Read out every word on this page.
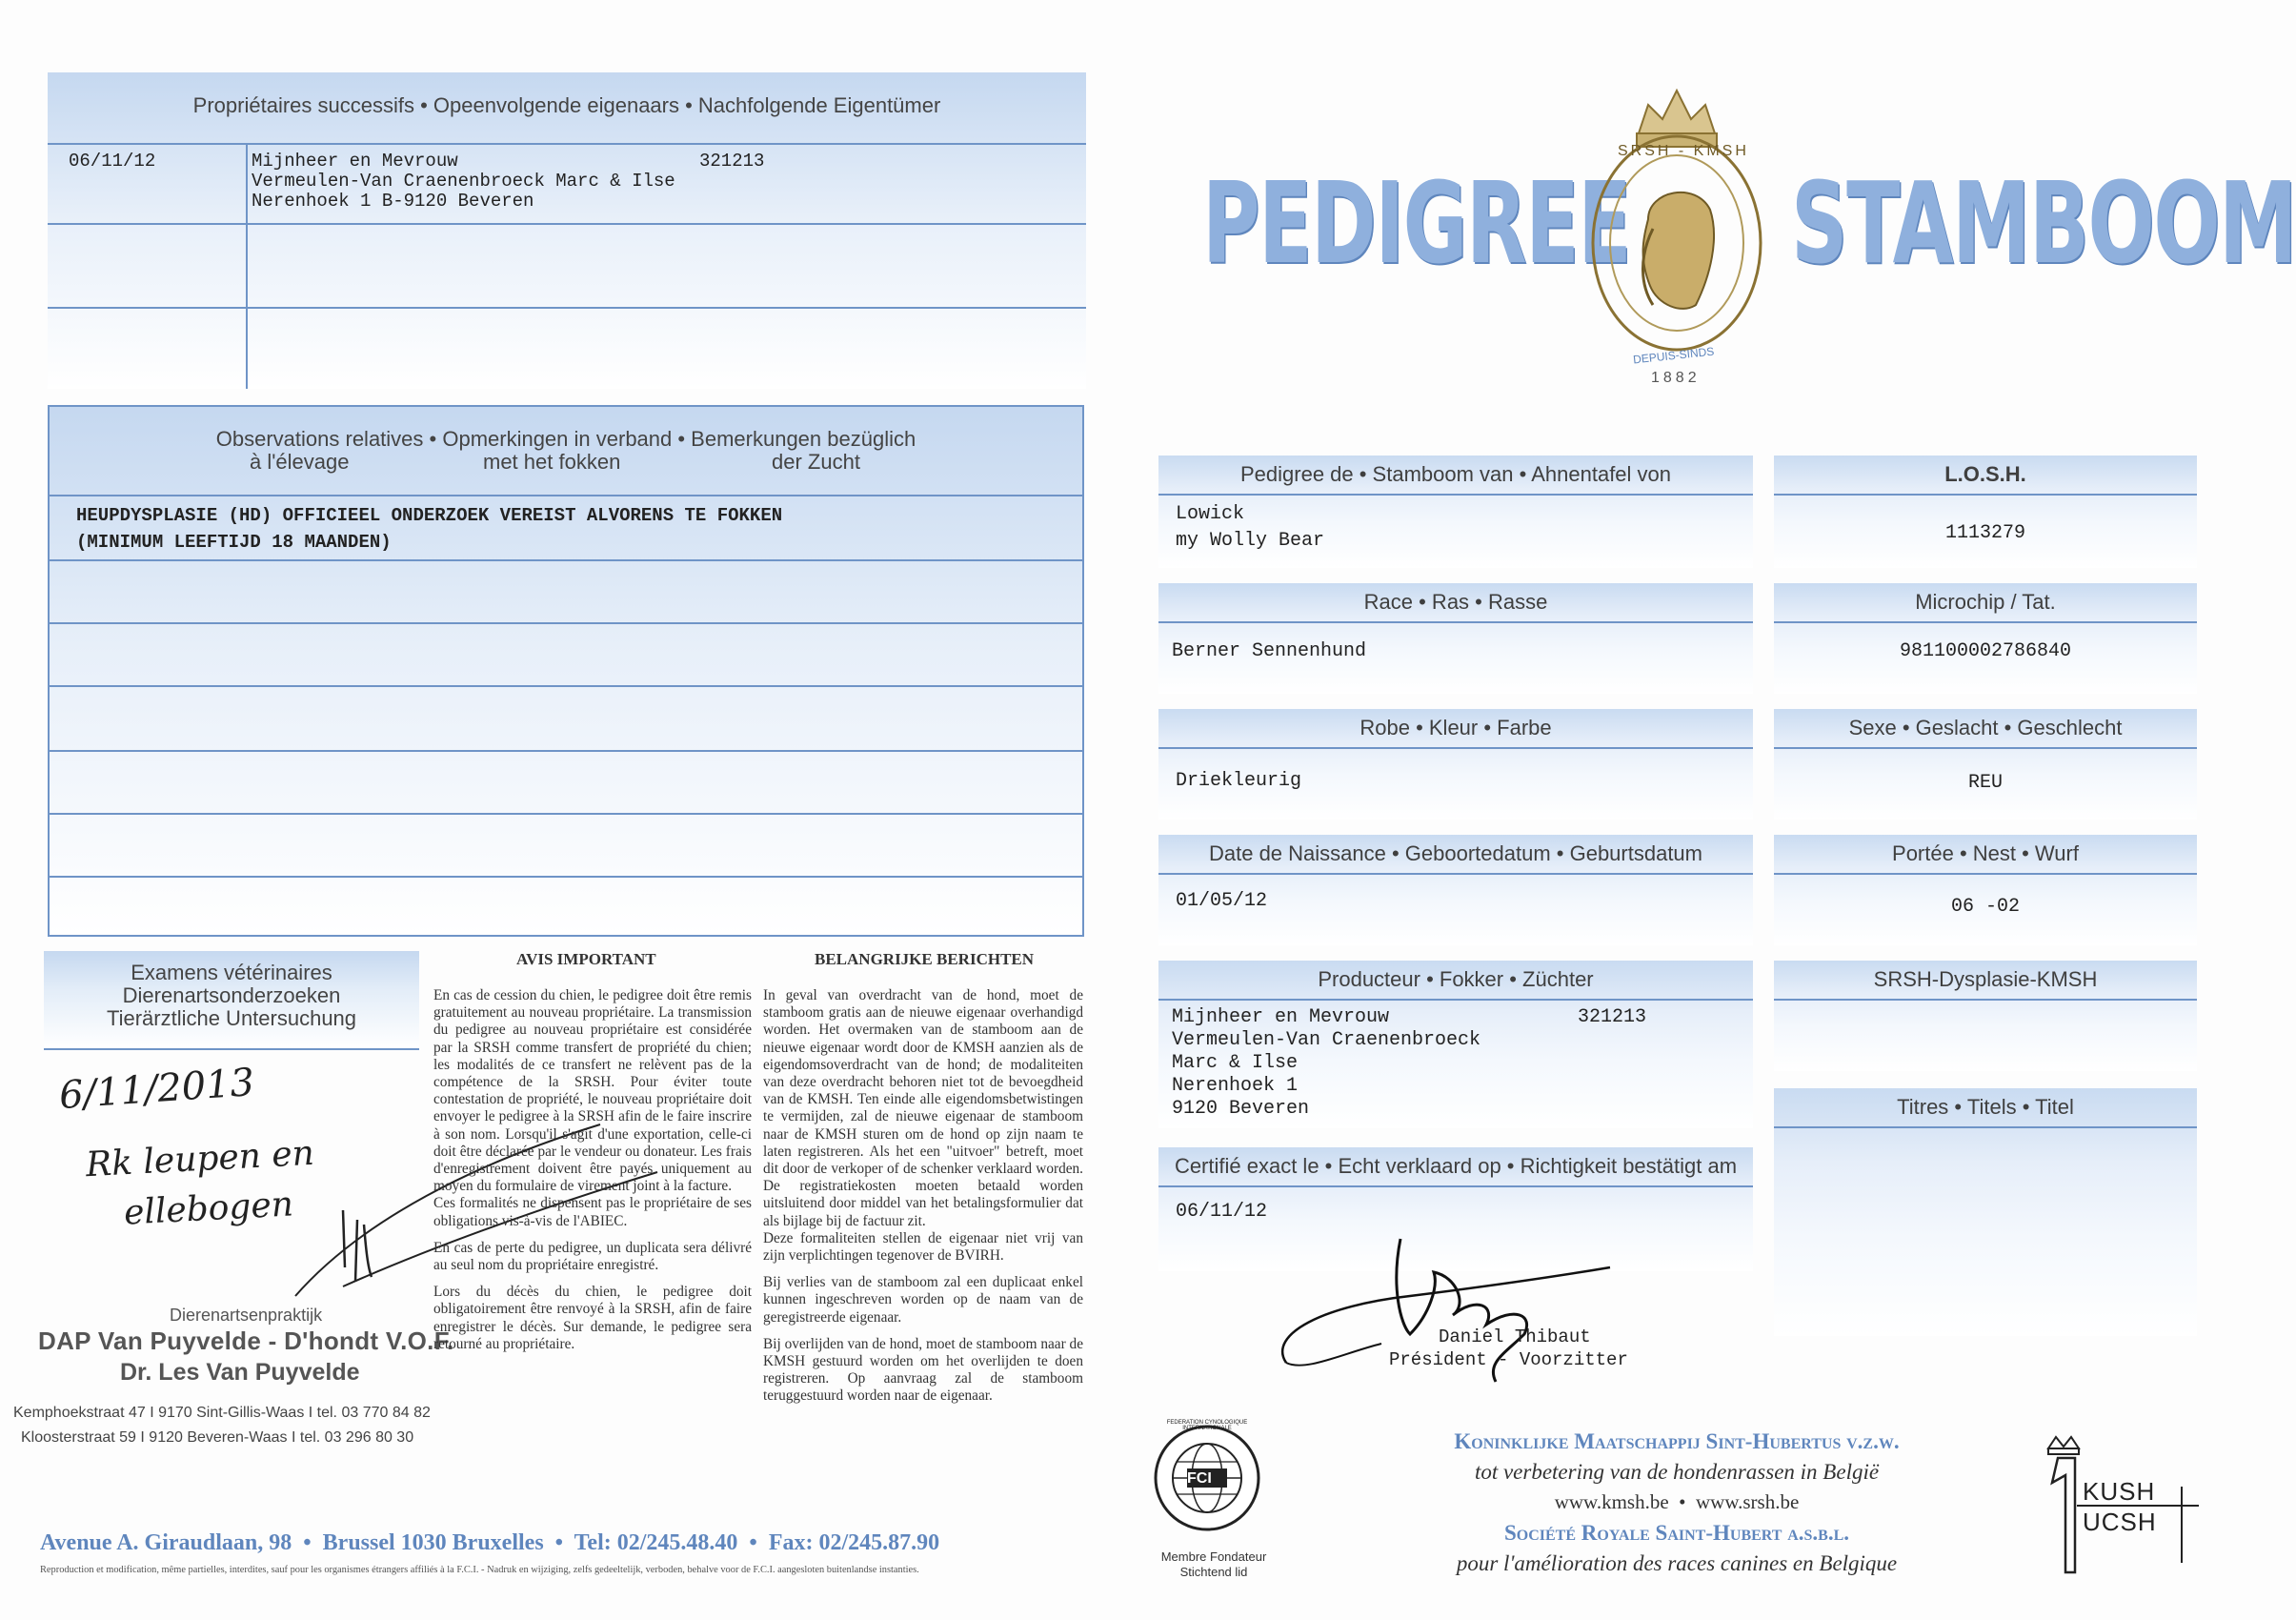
Propriétaires successifs • Opeenvolgende eigenaars • Nachfolgende Eigentümer
06/11/12	Mijnheer en Mevrouw	321213
Vermeulen-Van Craenenbroeck Marc & Ilse
Nerenhoek 1 B-9120 Beveren
Observations relatives • Opmerkingen in verband • Bemerkungen bezüglich
à l'élevage	met het fokken	der Zucht
HEUPDYSPLASIE (HD) OFFICIEEL ONDERZOEK VEREIST ALVORENS TE FOKKEN
(MINIMUM LEEFTIJD 18 MAANDEN)
Examens vétérinaires
Dierenartsonderzoeken
Tierärztliche Untersuchung
6/11/2013
Rk leupen en
ellebogen
Dierenartsenpraktijk
DAP Van Puyvelde - D'hondt V.O.F.
Dr. Les Van Puyvelde
Kemphoekstraat 47 I 9170 Sint-Gillis-Waas I tel. 03 770 84 82
Kloosterstraat 59 I 9120 Beveren-Waas I tel. 03 296 80 30
AVIS IMPORTANT

En cas de cession du chien, le pedigree doit être remis gratuitement au nouveau propriétaire. La transmission du pedigree au nouveau propriétaire est considérée par la SRSH comme transfert de propriété du chien; les modalités de ce transfert ne relèvent pas de la compétence de la SRSH. Pour éviter toute contestation de propriété, le nouveau propriétaire doit envoyer le pedigree à la SRSH afin de le faire inscrire à son nom. Lorsqu'il s'agit d'une exportation, celle-ci doit être déclarée par le vendeur ou donateur. Les frais d'enregistrement doivent être payés uniquement au moyen du formulaire de virement joint à la facture.

Ces formalités ne dispensent pas le propriétaire de ses obligations vis-à-vis de l'ABIEC.

En cas de perte du pedigree, un duplicata sera délivré au seul nom du propriétaire enregistré.

Lors du décès du chien, le pedigree doit obligatoirement être renvoyé à la SRSH, afin de faire enregistrer le décès. Sur demande, le pedigree sera retourné au propriétaire.

BELANGRIJKE BERICHTEN

In geval van overdracht van de hond, moet de stamboom gratis aan de nieuwe eigenaar overhandigd worden. Het overmaken van de stamboom aan de nieuwe eigenaar wordt door de KMSH aanzien als de eigendomsoverdracht van de hond; de modaliteiten van deze overdracht behoren niet tot de bevoegdheid van de KMSH. Ten einde alle eigendomsbetwistingen te vermijden, zal de nieuwe eigenaar de stamboom naar de KMSH sturen om de hond op zijn naam te laten registreren. Als het een "uitvoer" betreft, moet dit door de verkoper of de schenker verklaard worden. De registratiekosten moeten betaald worden uitsluitend door middel van het betalingsformulier dat als bijlage bij de factuur zit.

Deze formaliteiten stellen de eigenaar niet vrij van zijn verplichtingen tegenover de BVIRH.

Bij verlies van de stamboom zal een duplicaat enkel kunnen ingeschreven worden op de naam van de geregistreerde eigenaar.

Bij overlijden van de hond, moet de stamboom naar de KMSH gestuurd worden om het overlijden te doen registreren. Op aanvraag zal de stamboom teruggestuurd worden naar de eigenaar.

Avenue A. Giraudlaan, 98  •  Brussel 1030 Bruxelles  •  Tel: 02/245.48.40  •  Fax: 02/245.87.90
Reproduction et modification, même partielles, interdites, sauf pour les organismes étrangers affiliés à la F.C.I. - Nadruk en wijziging, zelfs gedeeltelijk, verboden, behalve voor de F.C.I. aangesloten buitenlandse instanties.
PEDIGREE STAMBOOM
SRSH - KMSH
DEPUIS-SINDS
1882
Pedigree de • Stamboom van • Ahnentafel von
Lowick
my Wolly Bear
L.O.S.H.
1113279
Race • Ras • Rasse
Berner Sennenhund
Microchip / Tat.
981100002786840
Robe • Kleur • Farbe
Driekleurig
Sexe • Geslacht • Geschlecht
REU
Date de Naissance • Geboortedatum • Geburtsdatum
01/05/12
Portée • Nest • Wurf
06 -02
Producteur • Fokker • Züchter
Mijnheer en Mevrouw	321213
Vermeulen-Van Craenenbroeck
Marc & Ilse
Nerenhoek 1
9120 Beveren
SRSH-Dysplasie-KMSH
Titres • Titels • Titel
Certifié exact le • Echt verklaard op • Richtigkeit bestätigt am
06/11/12
Daniel Thibaut
Président - Voorzitter
FCI
FEDERATION CYNOLOGIQUE INTERNATIONALE
Membre Fondateur
Stichtend lid
Koninklijke Maatschappij Sint-Hubertus v.z.w.
tot verbetering van de hondenrassen in België
www.kmsh.be  •  www.srsh.be
Société Royale Saint-Hubert a.s.b.l.
pour l'amélioration des races canines en Belgique
KUSH
UCSH
